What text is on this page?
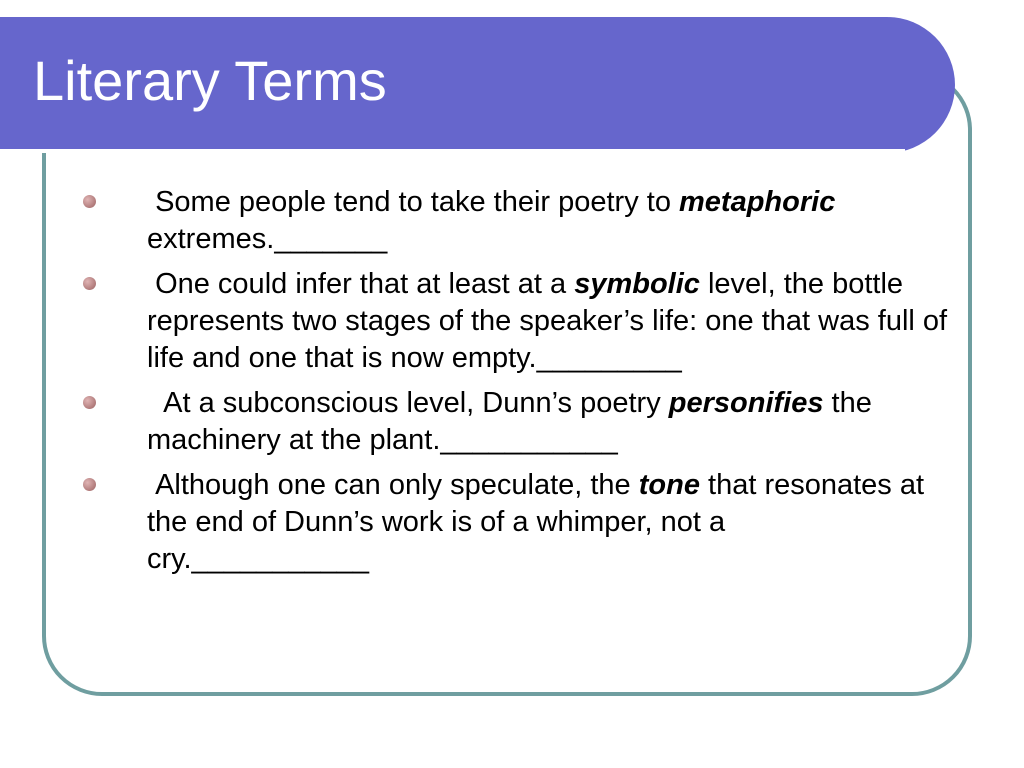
Literary Terms
Some people tend to take their poetry to metaphoric extremes._______
One could infer that at least at a symbolic level, the bottle represents two stages of the speaker’s life: one that was full of life and one that is now empty._________
At a subconscious level, Dunn’s poetry personifies the machinery at the plant.___________
Although one can only speculate, the tone that resonates at the end of Dunn’s work is of a whimper, not a cry.___________
